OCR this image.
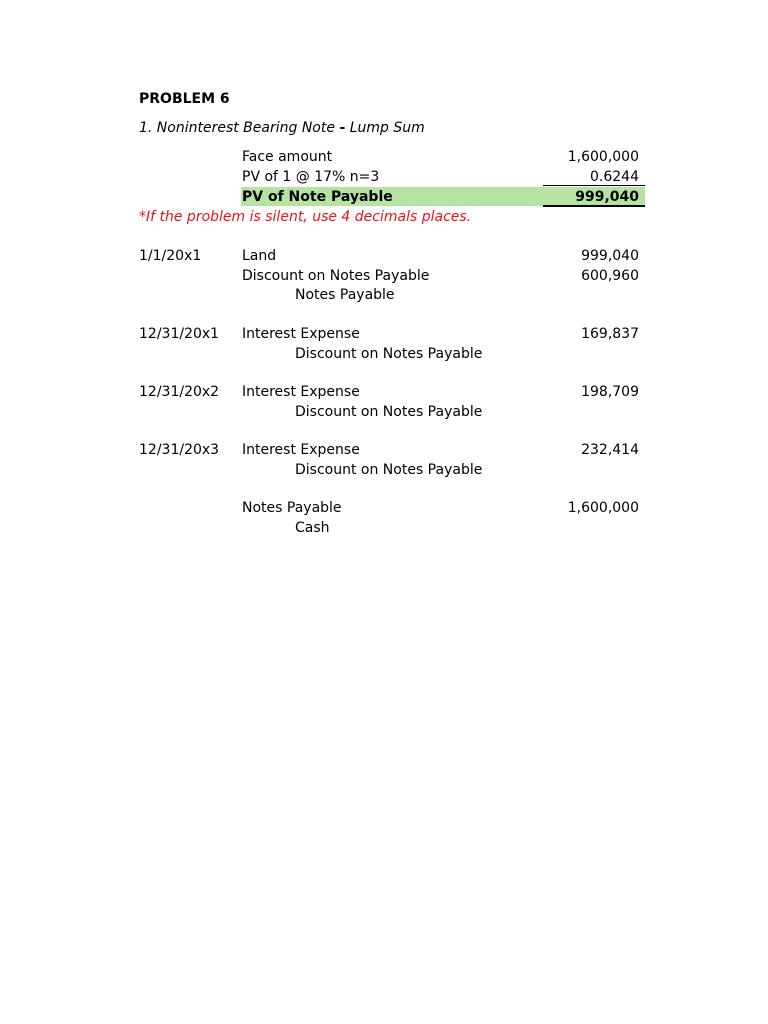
PROBLEM 6
1. Noninterest Bearing Note - Lump Sum
Face amount	1,600,000
PV of 1 @ 17% n=3	0.6244
PV of Note Payable	999,040
*If the problem is silent, use 4 decimals places.
1/1/20x1	Land	999,040
Discount on Notes Payable	600,960
Notes Payable
12/31/20x1 Interest Expense	169,837
Discount on Notes Payable
12/31/20x2 Interest Expense	198,709
Discount on Notes Payable
12/31/20x3 Interest Expense	232,414
Discount on Notes Payable
Notes Payable	1,600,000
Cash
